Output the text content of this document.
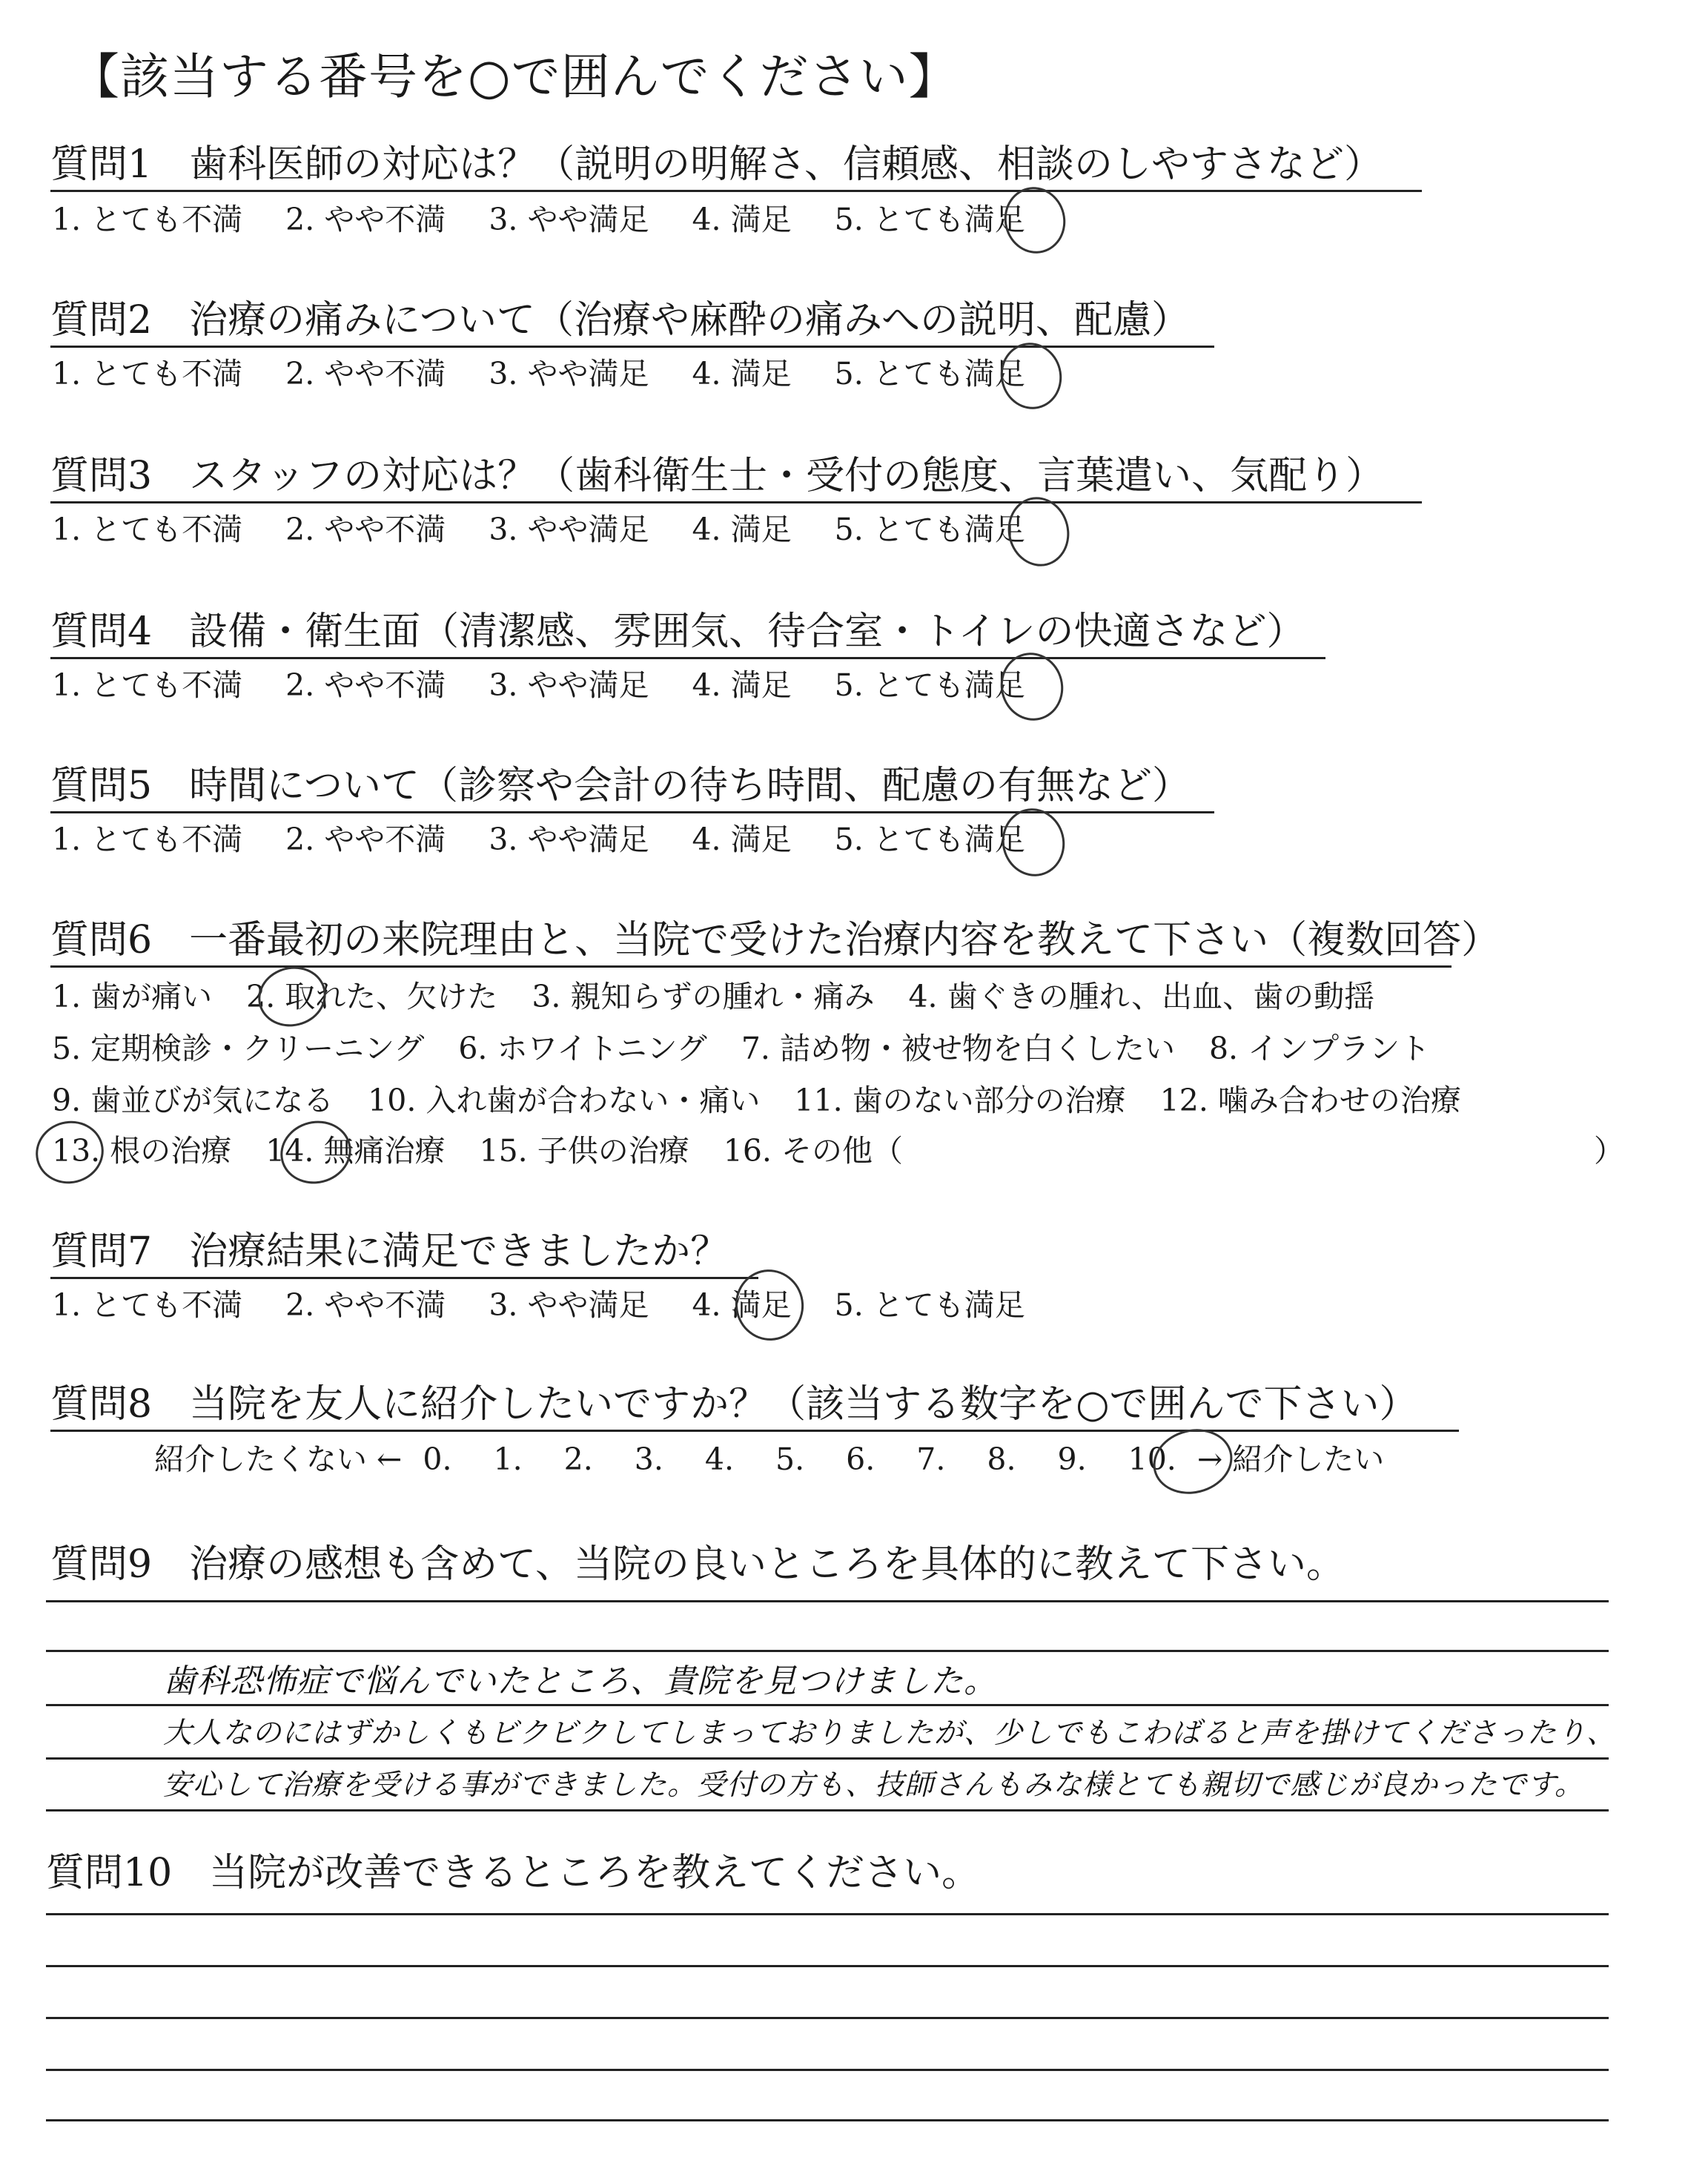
【該当する番号を○で囲んでください】
質問1 歯科医師の対応は？（説明の明解さ、信頼感、相談のしやすさなど）
1. とても不満 2. やや不満 3. やや満足 4. 満足 5. とても満足
質問2 治療の痛みについて（治療や麻酔の痛みへの説明、配慮）
1. とても不満 2. やや不満 3. やや満足 4. 満足 5. とても満足
質問3 スタッフの対応は？（歯科衛生士・受付の態度、言葉遣い、気配り）
1. とても不満 2. やや不満 3. やや満足 4. 満足 5. とても満足
質問4 設備・衛生面（清潔感、雰囲気、待合室・トイレの快適さなど）
1. とても不満 2. やや不満 3. やや満足 4. 満足 5. とても満足
質問5 時間について（診察や会計の待ち時間、配慮の有無など）
1. とても不満 2. やや不満 3. やや満足 4. 満足 5. とても満足
質問6 一番最初の来院理由と、当院で受けた治療内容を教えて下さい（複数回答）
1. 歯が痛い 2. 取れた、欠けた 3. 親知らずの腫れ・痛み 4. 歯ぐきの腫れ、出血、歯の動揺
5. 定期検診・クリーニング 6. ホワイトニング 7. 詰め物・被せ物を白くしたい 8. インプラント
9. 歯並びが気になる 10. 入れ歯が合わない・痛い 11. 歯のない部分の治療 12. 噛み合わせの治療
13. 根の治療 14. 無痛治療 15. 子供の治療 16. その他（	）
質問7 治療結果に満足できましたか？
1. とても不満 2. やや不満 3. やや満足 4. 満足 5. とても満足
質問8 当院を友人に紹介したいですか？（該当する数字を○で囲んで下さい）
紹介したくない ← 0. 1. 2. 3. 4. 5. 6. 7. 8. 9. 10. → 紹介したい
質問9 治療の感想も含めて、当院の良いところを具体的に教えて下さい。
歯科恐怖症で悩んでいたところ、貴院を見つけました。
大人なのにはずかしくもビクビクしてしまっておりましたが、少しでもこわばると声を掛けてくださったり、
安心して治療を受ける事ができました。受付の方も、技師さんもみな様とても親切で感じが良かったです。
質問10 当院が改善できるところを教えてください。
